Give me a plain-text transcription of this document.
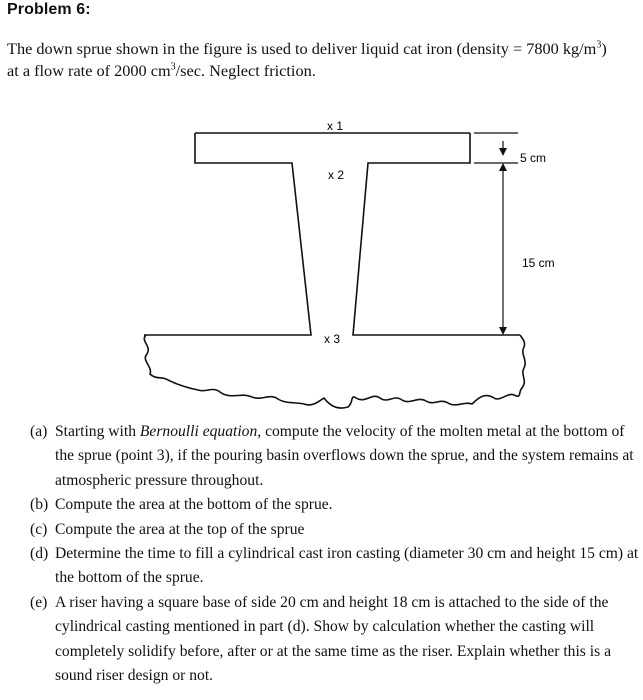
Problem 6:
The down sprue shown in the figure is used to deliver liquid cat iron (density = 7800 $kg/m^3$)
at a flow rate of 2000 $cm^3/\sec$. Neglect friction.
x 1
x 2
x 3
5 cm
15 cm
(a) Starting with Bernoulli equation, compute the velocity of the molten metal at the bottom of the sprue (point 3), if the pouring basin overflows down the sprue, and the system remains at atmospheric pressure throughout.
(b) Compute the area at the bottom of the sprue.
(c) Compute the area at the top of the sprue
(d) Determine the time to fill a cylindrical cast iron casting (diameter 30 cm and height 15 cm) at the bottom of the sprue.
(e) A riser having a square base of side 20 cm and height 18 cm is attached to the side of the cylindrical casting mentioned in part (d). Show by calculation whether the casting will completely solidify before, after or at the same time as the riser. Explain whether this is a sound riser design or not.
